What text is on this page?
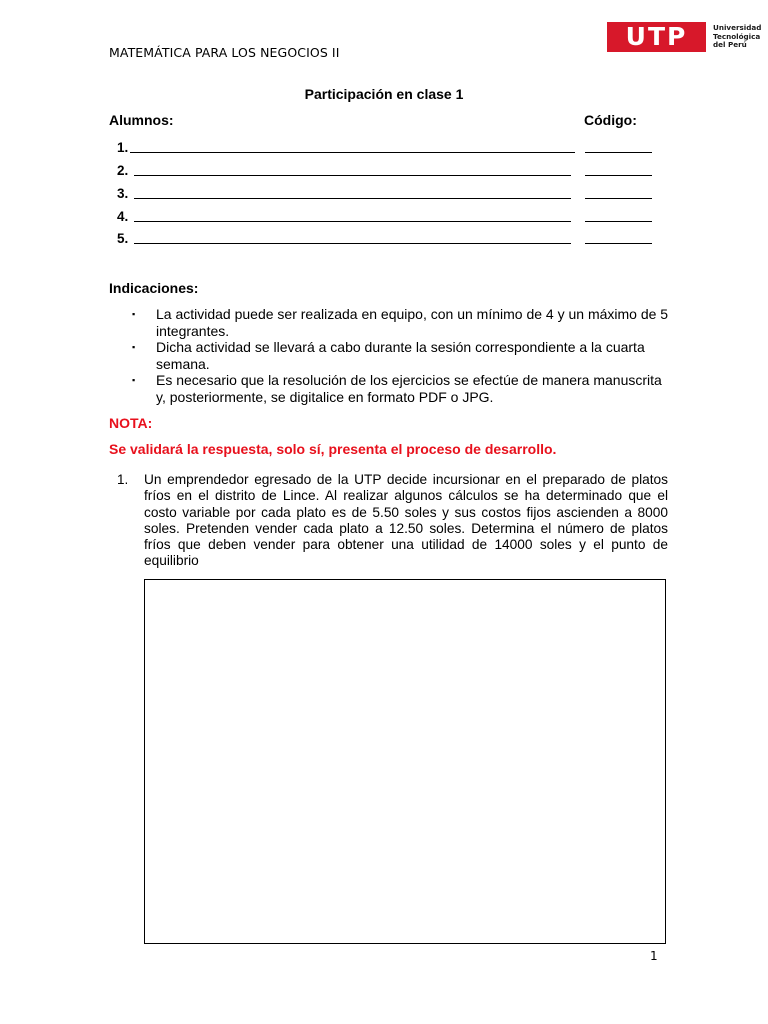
MATEMÁTICA PARA LOS NEGOCIOS II
UTP	Universidad
Tecnológica
del Perú
Participación en clase 1
Alumnos:	Código:
1.
2.
3.
4.
5.
Indicaciones:
▪ La actividad puede ser realizada en equipo, con un mínimo de 4 y un máximo de 5 integrantes.
▪ Dicha actividad se llevará a cabo durante la sesión correspondiente a la cuarta semana.
▪ Es necesario que la resolución de los ejercicios se efectúe de manera manuscrita y, posteriormente, se digitalice en formato PDF o JPG.
NOTA:
Se validará la respuesta, solo sí, presenta el proceso de desarrollo.
1. Un emprendedor egresado de la UTP decide incursionar en el preparado de platos fríos en el distrito de Lince. Al realizar algunos cálculos se ha determinado que el costo variable por cada plato es de 5.50 soles y sus costos fijos ascienden a 8000 soles. Pretenden vender cada plato a 12.50 soles. Determina el número de platos fríos que deben vender para obtener una utilidad de 14000 soles y el punto de equilibrio
1
